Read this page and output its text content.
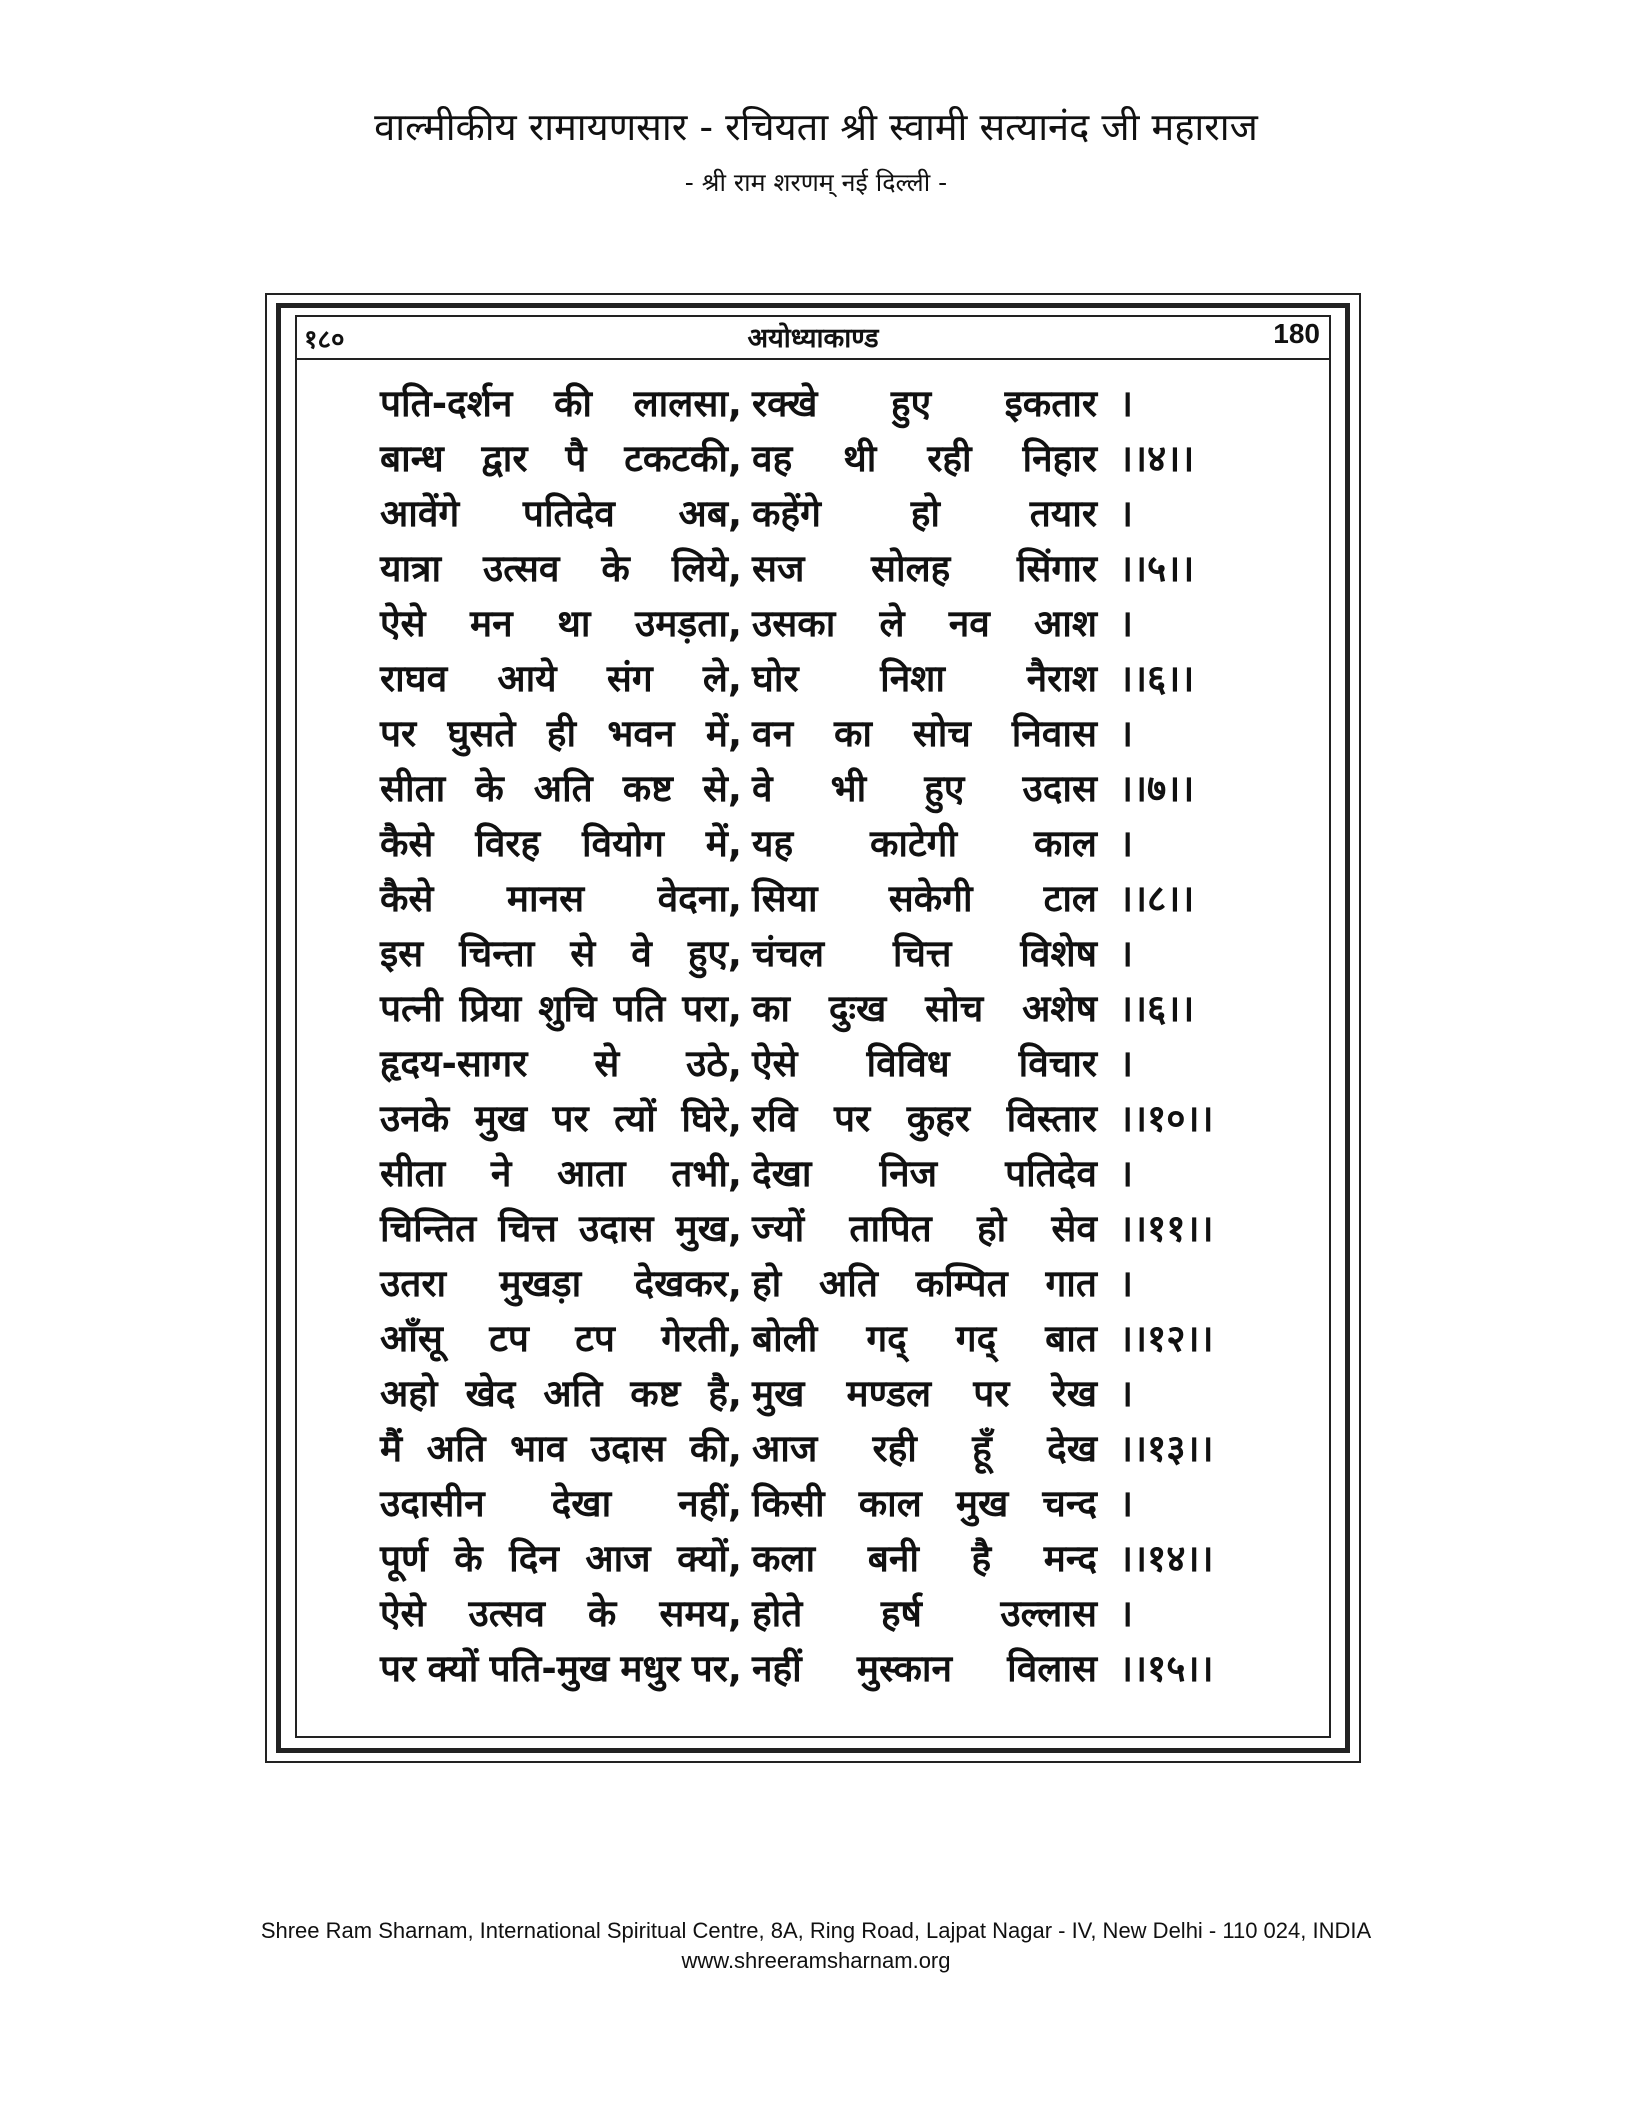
वाल्मीकीय रामायणसार - रचियता श्री स्वामी सत्यानंद जी महाराज
- श्री राम शरणम् नई दिल्ली -
१८०	अयोध्याकाण्ड	180
पति-दर्शन की लालसा, रक्खे हुए इकतार ।
बान्ध द्वार पै टकटकी, वह थी रही निहार ।।४।।
आवेंगे पतिदेव अब, कहेंगे हो तयार ।
यात्रा उत्सव के लिये, सज सोलह सिंगार ।।५।।
ऐसे मन था उमड़ता, उसका ले नव आश ।
राघव आये संग ले, घोर निशा नैराश ।।६।।
पर घुसते ही भवन में, वन का सोच निवास ।
सीता के अति कष्ट से, वे भी हुए उदास ।।७।।
कैसे विरह वियोग में, यह काटेगी काल ।
कैसे मानस वेदना, सिया सकेगी टाल ।।८।।
इस चिन्ता से वे हुए, चंचल चित्त विशेष ।
पत्नी प्रिया शुचि पति परा, का दुःख सोच अशेष ।।६।।
हृदय-सागर से उठे, ऐसे विविध विचार ।
उनके मुख पर त्यों घिरे, रवि पर कुहर विस्तार ।।१०।।
सीता ने आता तभी, देखा निज पतिदेव ।
चिन्तित चित्त उदास मुख, ज्यों तापित हो सेव ।।११।।
उतरा मुखड़ा देखकर, हो अति कम्पित गात ।
आँसू टप टप गेरती, बोली गद् गद् बात ।।१२।।
अहो खेद अति कष्ट है, मुख मण्डल पर रेख ।
मैं अति भाव उदास की, आज रही हूँ देख ।।१३।।
उदासीन देखा नहीं, किसी काल मुख चन्द ।
पूर्ण के दिन आज क्यों, कला बनी है मन्द ।।१४।।
ऐसे उत्सव के समय, होते हर्ष उल्लास ।
पर क्यों पति-मुख मधुर पर, नहीं मुस्कान विलास ।।१५।।
Shree Ram Sharnam, International Spiritual Centre, 8A, Ring Road, Lajpat Nagar - IV, New Delhi - 110 024, INDIA
www.shreeramsharnam.org
